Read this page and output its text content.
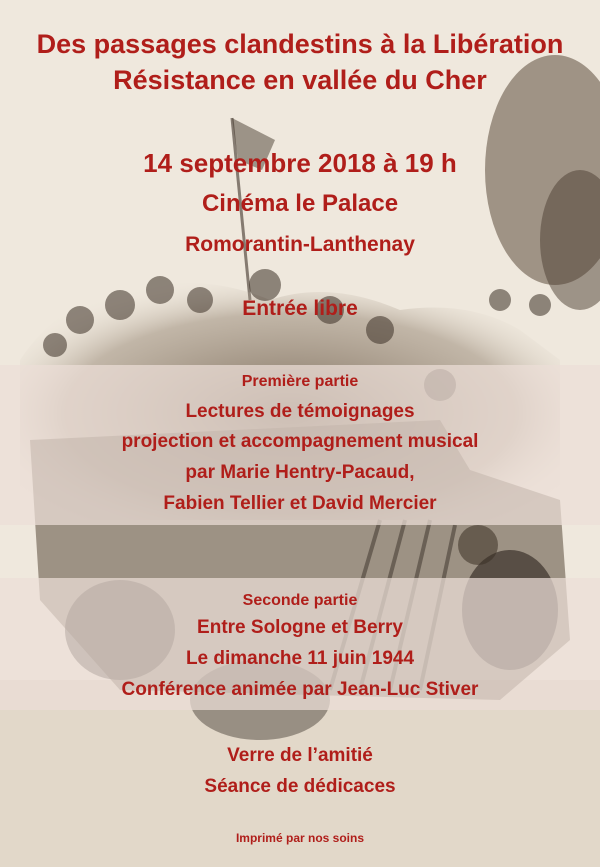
Des passages clandestins à la Libération

Résistance en vallée du Cher

14 septembre 2018 à 19 h

Cinéma le Palace

Romorantin-Lanthenay

Entrée libre

Première partie

Lectures de témoignages

projection et accompagnement musical

par Marie Hentry-Pacaud,

Fabien Tellier et David Mercier

Seconde partie

Entre Sologne et Berry

Le dimanche 11 juin 1944

Conférence animée par Jean-Luc Stiver

Verre de l’amitié

Séance de dédicaces

Imprimé par nos soins
